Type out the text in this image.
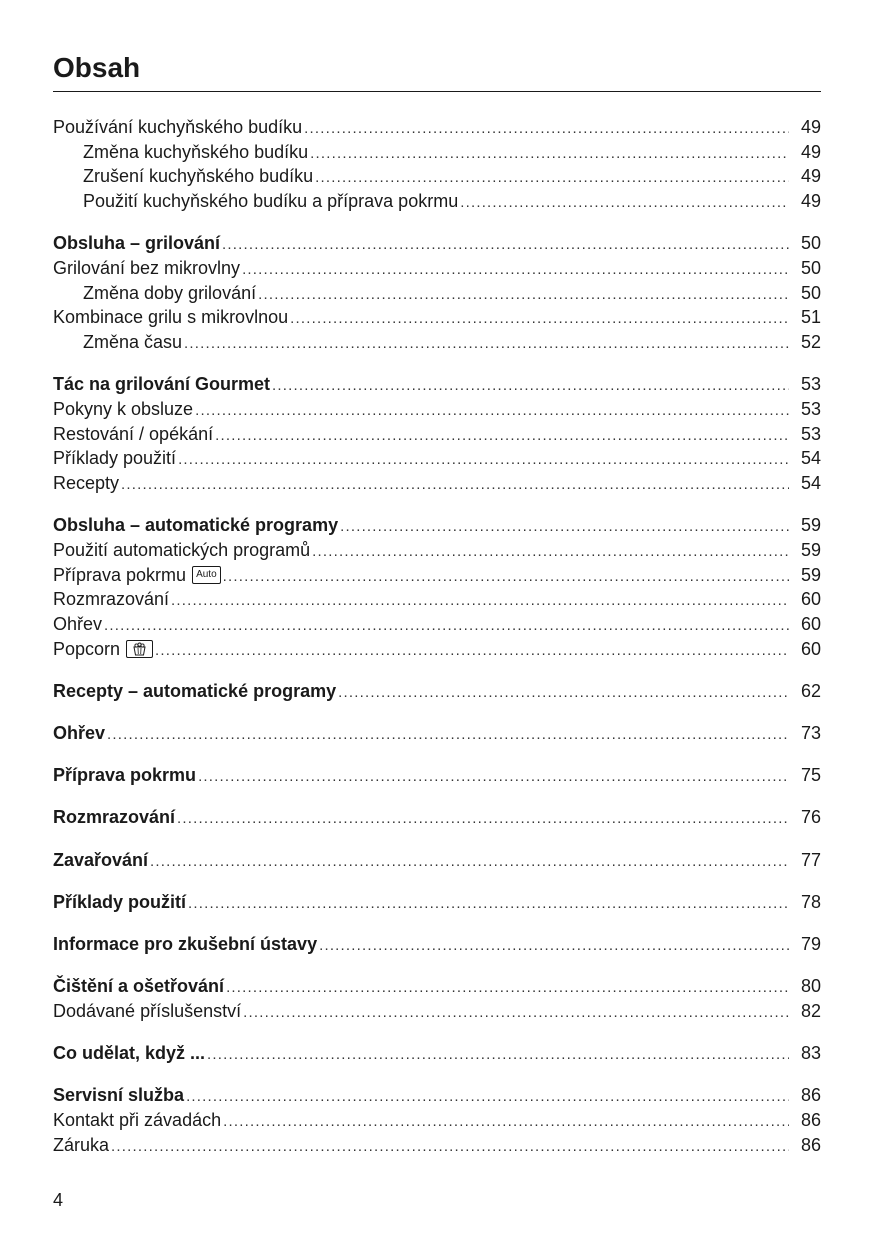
Obsah
Používání kuchyňského budíku .....	49
Změna kuchyňského budíku .....	49
Zrušení kuchyňského budíku .....	49
Použití kuchyňského budíku a příprava pokrmu .....	49
Obsluha – grilování .....	50
Grilování bez mikrovlny .....	50
Změna doby grilování .....	50
Kombinace grilu s mikrovlnou .....	51
Změna času .....	52
Tác na grilování Gourmet .....	53
Pokyny k obsluze .....	53
Restování / opékání .....	53
Příklady použití .....	54
Recepty .....	54
Obsluha – automatické programy .....	59
Použití automatických programů .....	59
Příprava pokrmu	Auto .....	59
Rozmrazování .....	60
Ohřev .....	60
Popcorn .....	60
Recepty – automatické programy .....	62
Ohřev .....	73
Příprava pokrmu .....	75
Rozmrazování .....	76
Zavařování .....	77
Příklady použití .....	78
Informace pro zkušební ústavy .....	79
Čištění a ošetřování .....	80
Dodávané příslušenství .....	82
Co udělat, když ... .....	83
Servisní služba .....	86
Kontakt při závadách .....	86
Záruka .....	86
4
